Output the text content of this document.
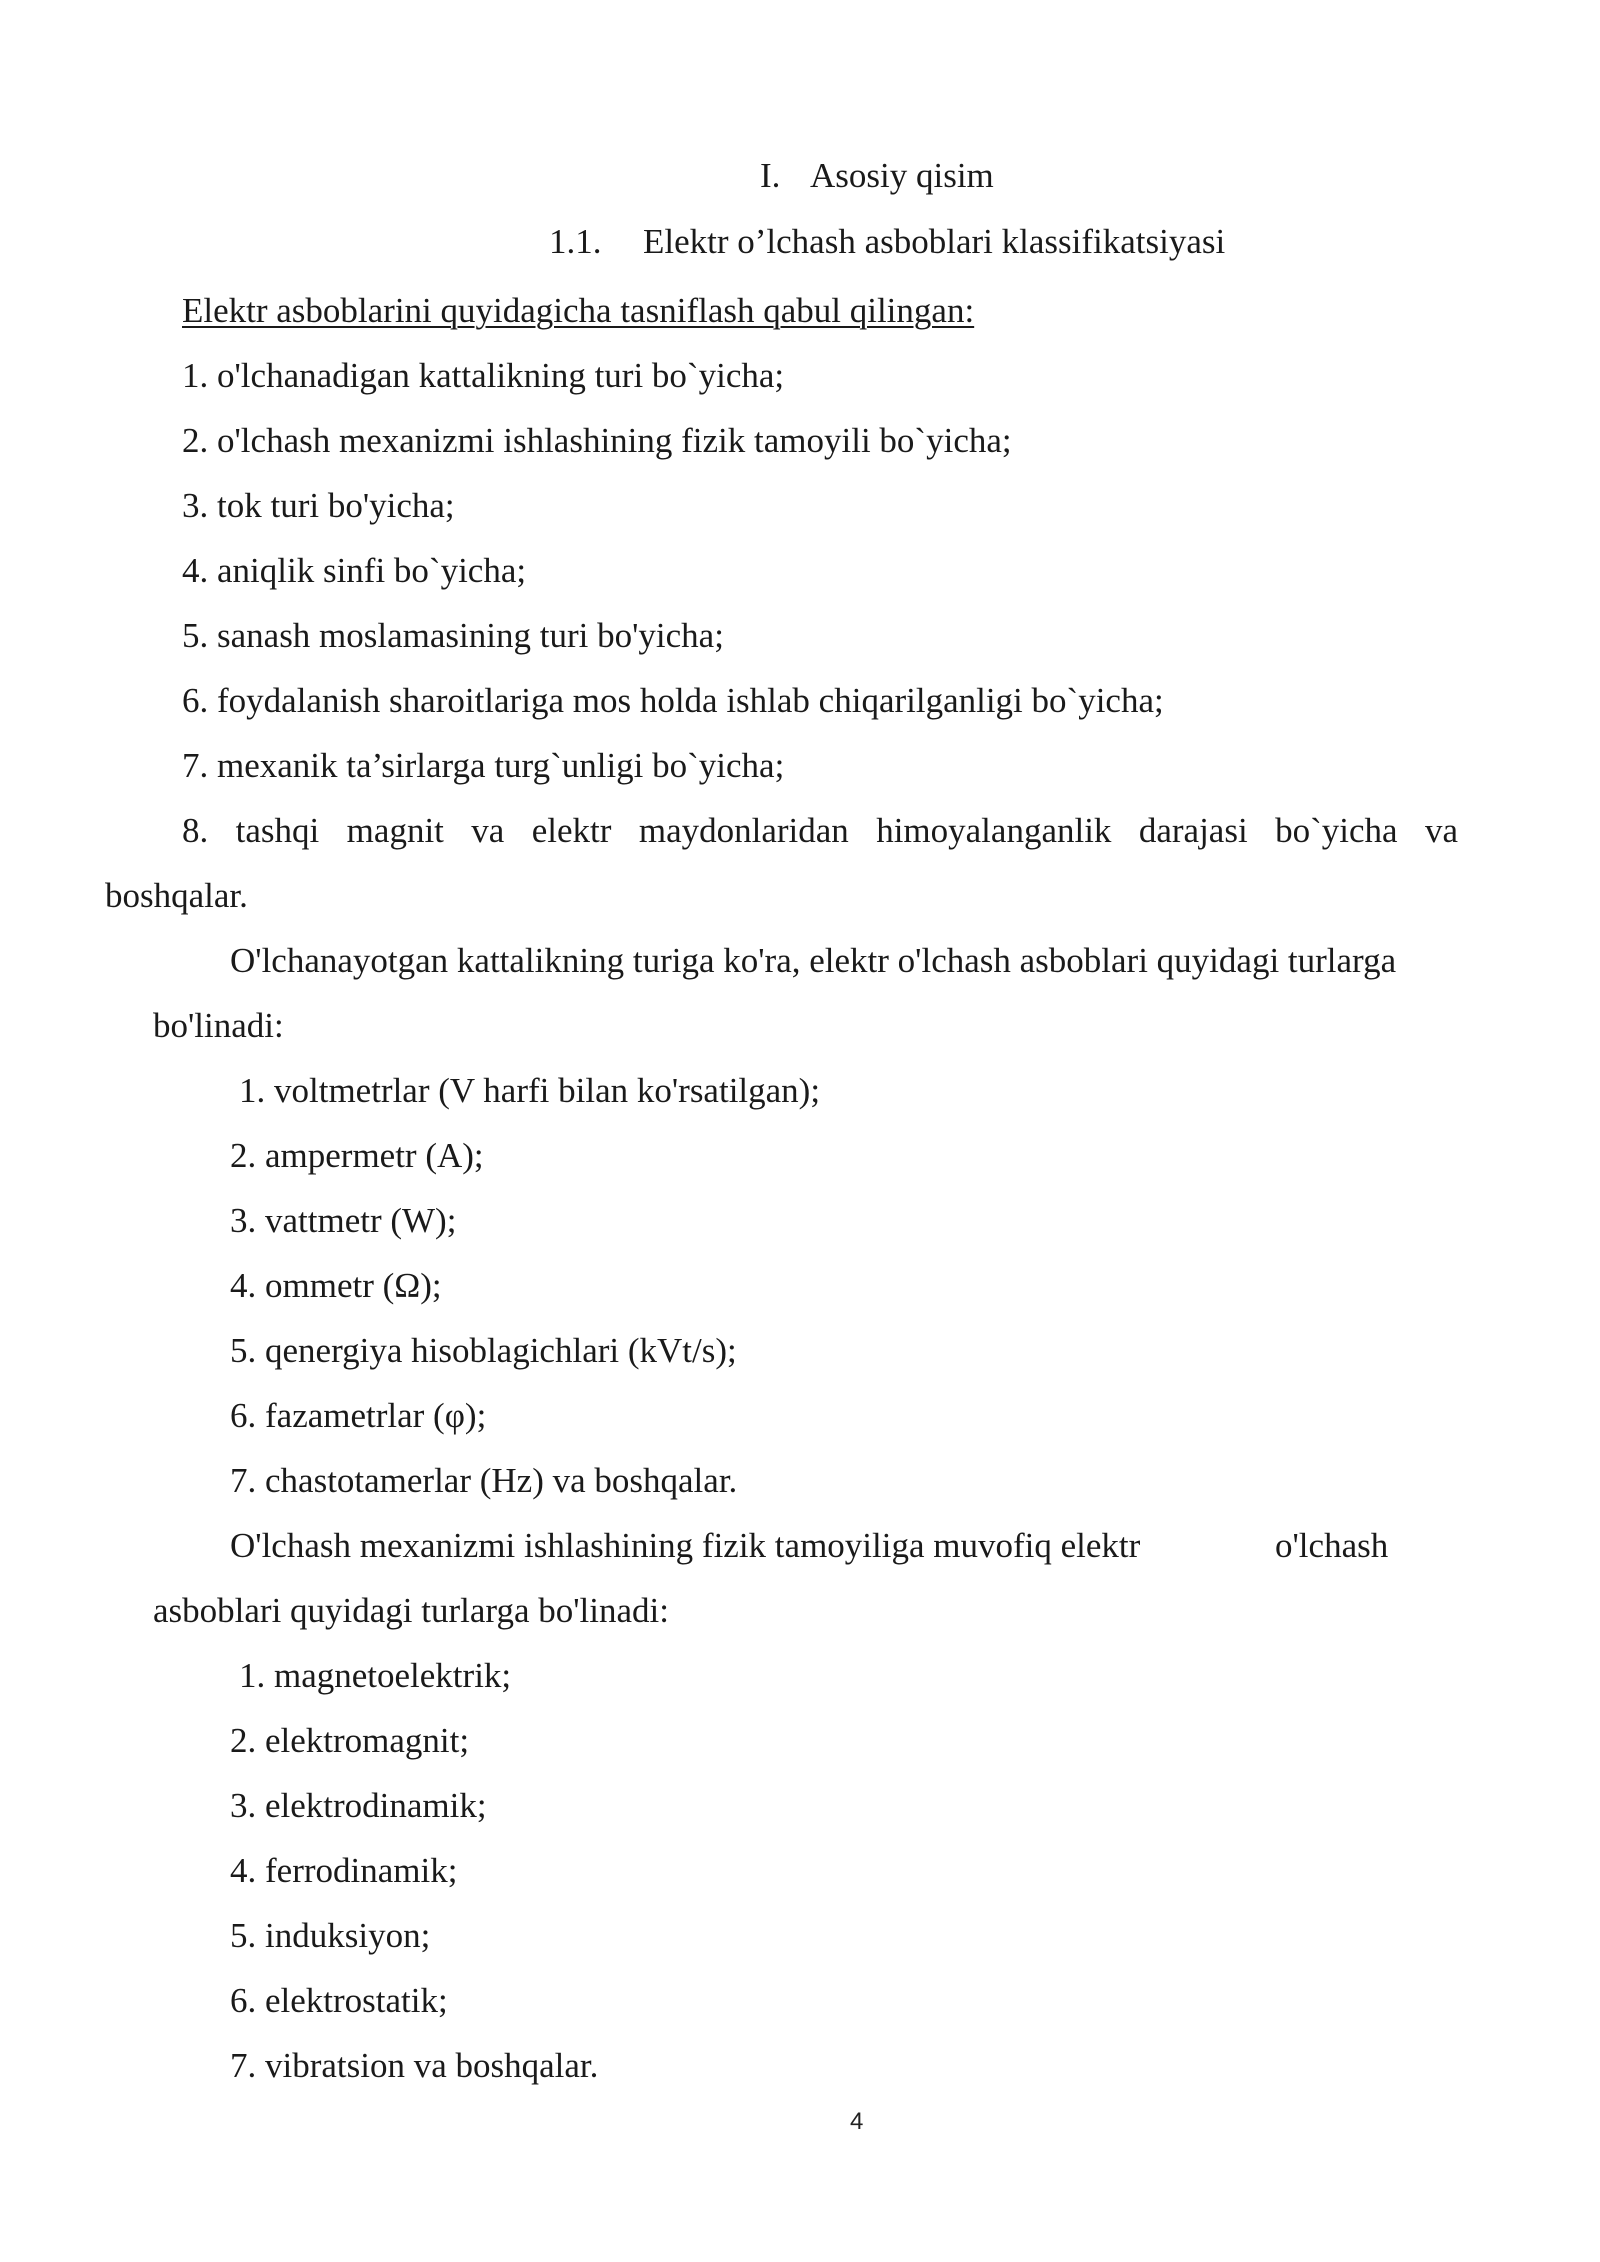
I. Asosiy qisim
1.1. Elektr o’lchash asboblari klassifikatsiyasi
Elektr asboblarini quyidagicha tasniflash qabul qilingan:
1. o'lchanadigan kattalikning turi bo`yicha;
2. o'lchash mexanizmi ishlashining fizik tamoyili bo`yicha;
3. tok turi bo'yicha;
4. aniqlik sinfi bo`yicha;
5. sanash moslamasining turi bo'yicha;
6. foydalanish sharoitlariga mos holda ishlab chiqarilganligi bo`yicha;
7. mexanik ta’sirlarga turg`unligi bo`yicha;
8. tashqi magnit va elektr maydonlaridan himoyalanganlik darajasi bo`yicha va
boshqalar.
O'lchanayotgan kattalikning turiga ko'ra, elektr o'lchash asboblari quyidagi turlarga
bo'linadi:
1. voltmetrlar (V harfi bilan ko'rsatilgan);
2. ampermetr (A);
3. vattmetr (W);
4. ommetr (Ω);
5. qenergiya hisoblagichlari (kVt/s);
6. fazametrlar (φ);
7. chastotamerlar (Hz) va boshqalar.
O'lchash mexanizmi ishlashining fizik tamoyiliga muvofiq elektr	o'lchash
asboblari quyidagi turlarga bo'linadi:
1. magnetoelektrik;
2. elektromagnit;
3. elektrodinamik;
4. ferrodinamik;
5. induksiyon;
6. elektrostatik;
7. vibratsion va boshqalar.
4
